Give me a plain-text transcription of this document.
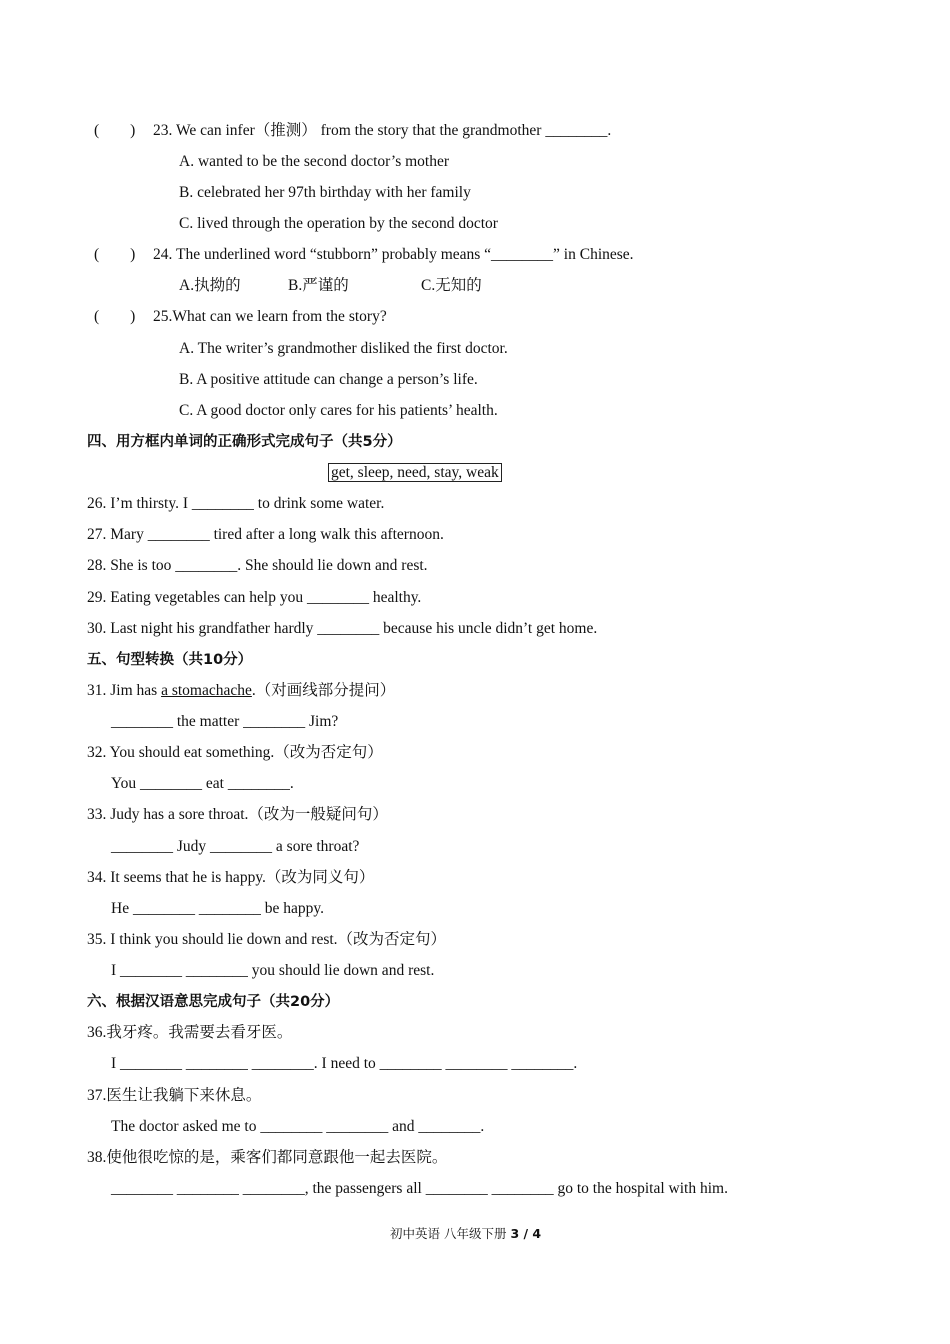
(　　) 23. We can infer（推测） from the story that the grandmother ________.
A. wanted to be the second doctor’s mother
B. celebrated her 97th birthday with her family
C. lived through the operation by the second doctor
(　　) 24. The underlined word “stubborn” probably means “________” in Chinese.
A.执拗的	B.严谨的	C.无知的
(　　) 25.What can we learn from the story?
A. The writer’s grandmother disliked the first doctor.
B. A positive attitude can change a person’s life.
C. A good doctor only cares for his patients’ health.
四、用方框内单词的正确形式完成句子（共5分）
get, sleep, need, stay, weak
26. I’m thirsty. I ________ to drink some water.
27. Mary ________ tired after a long walk this afternoon.
28. She is too ________. She should lie down and rest.
29. Eating vegetables can help you ________ healthy.
30. Last night his grandfather hardly ________ because his uncle didn’t get home.
五、句型转换（共10分）
31. Jim has a stomachache.（对画线部分提问）
________ the matter ________ Jim?
32. You should eat something.（改为否定句）
You ________ eat ________.
33. Judy has a sore throat.（改为一般疑问句）
________ Judy ________ a sore throat?
34. It seems that he is happy.（改为同义句）
He ________ ________ be happy.
35. I think you should lie down and rest.（改为否定句）
I ________ ________ you should lie down and rest.
六、根据汉语意思完成句子（共20分）
36.我牙疼。我需要去看牙医。
I ________ ________ ________. I need to ________ ________ ________.
37.医生让我躺下来休息。
The doctor asked me to ________ ________ and ________.
38.使他很吃惊的是，乘客们都同意跟他一起去医院。
________ ________ ________, the passengers all ________ ________ go to the hospital with him.
初中英语 八年级下册 3 / 4
